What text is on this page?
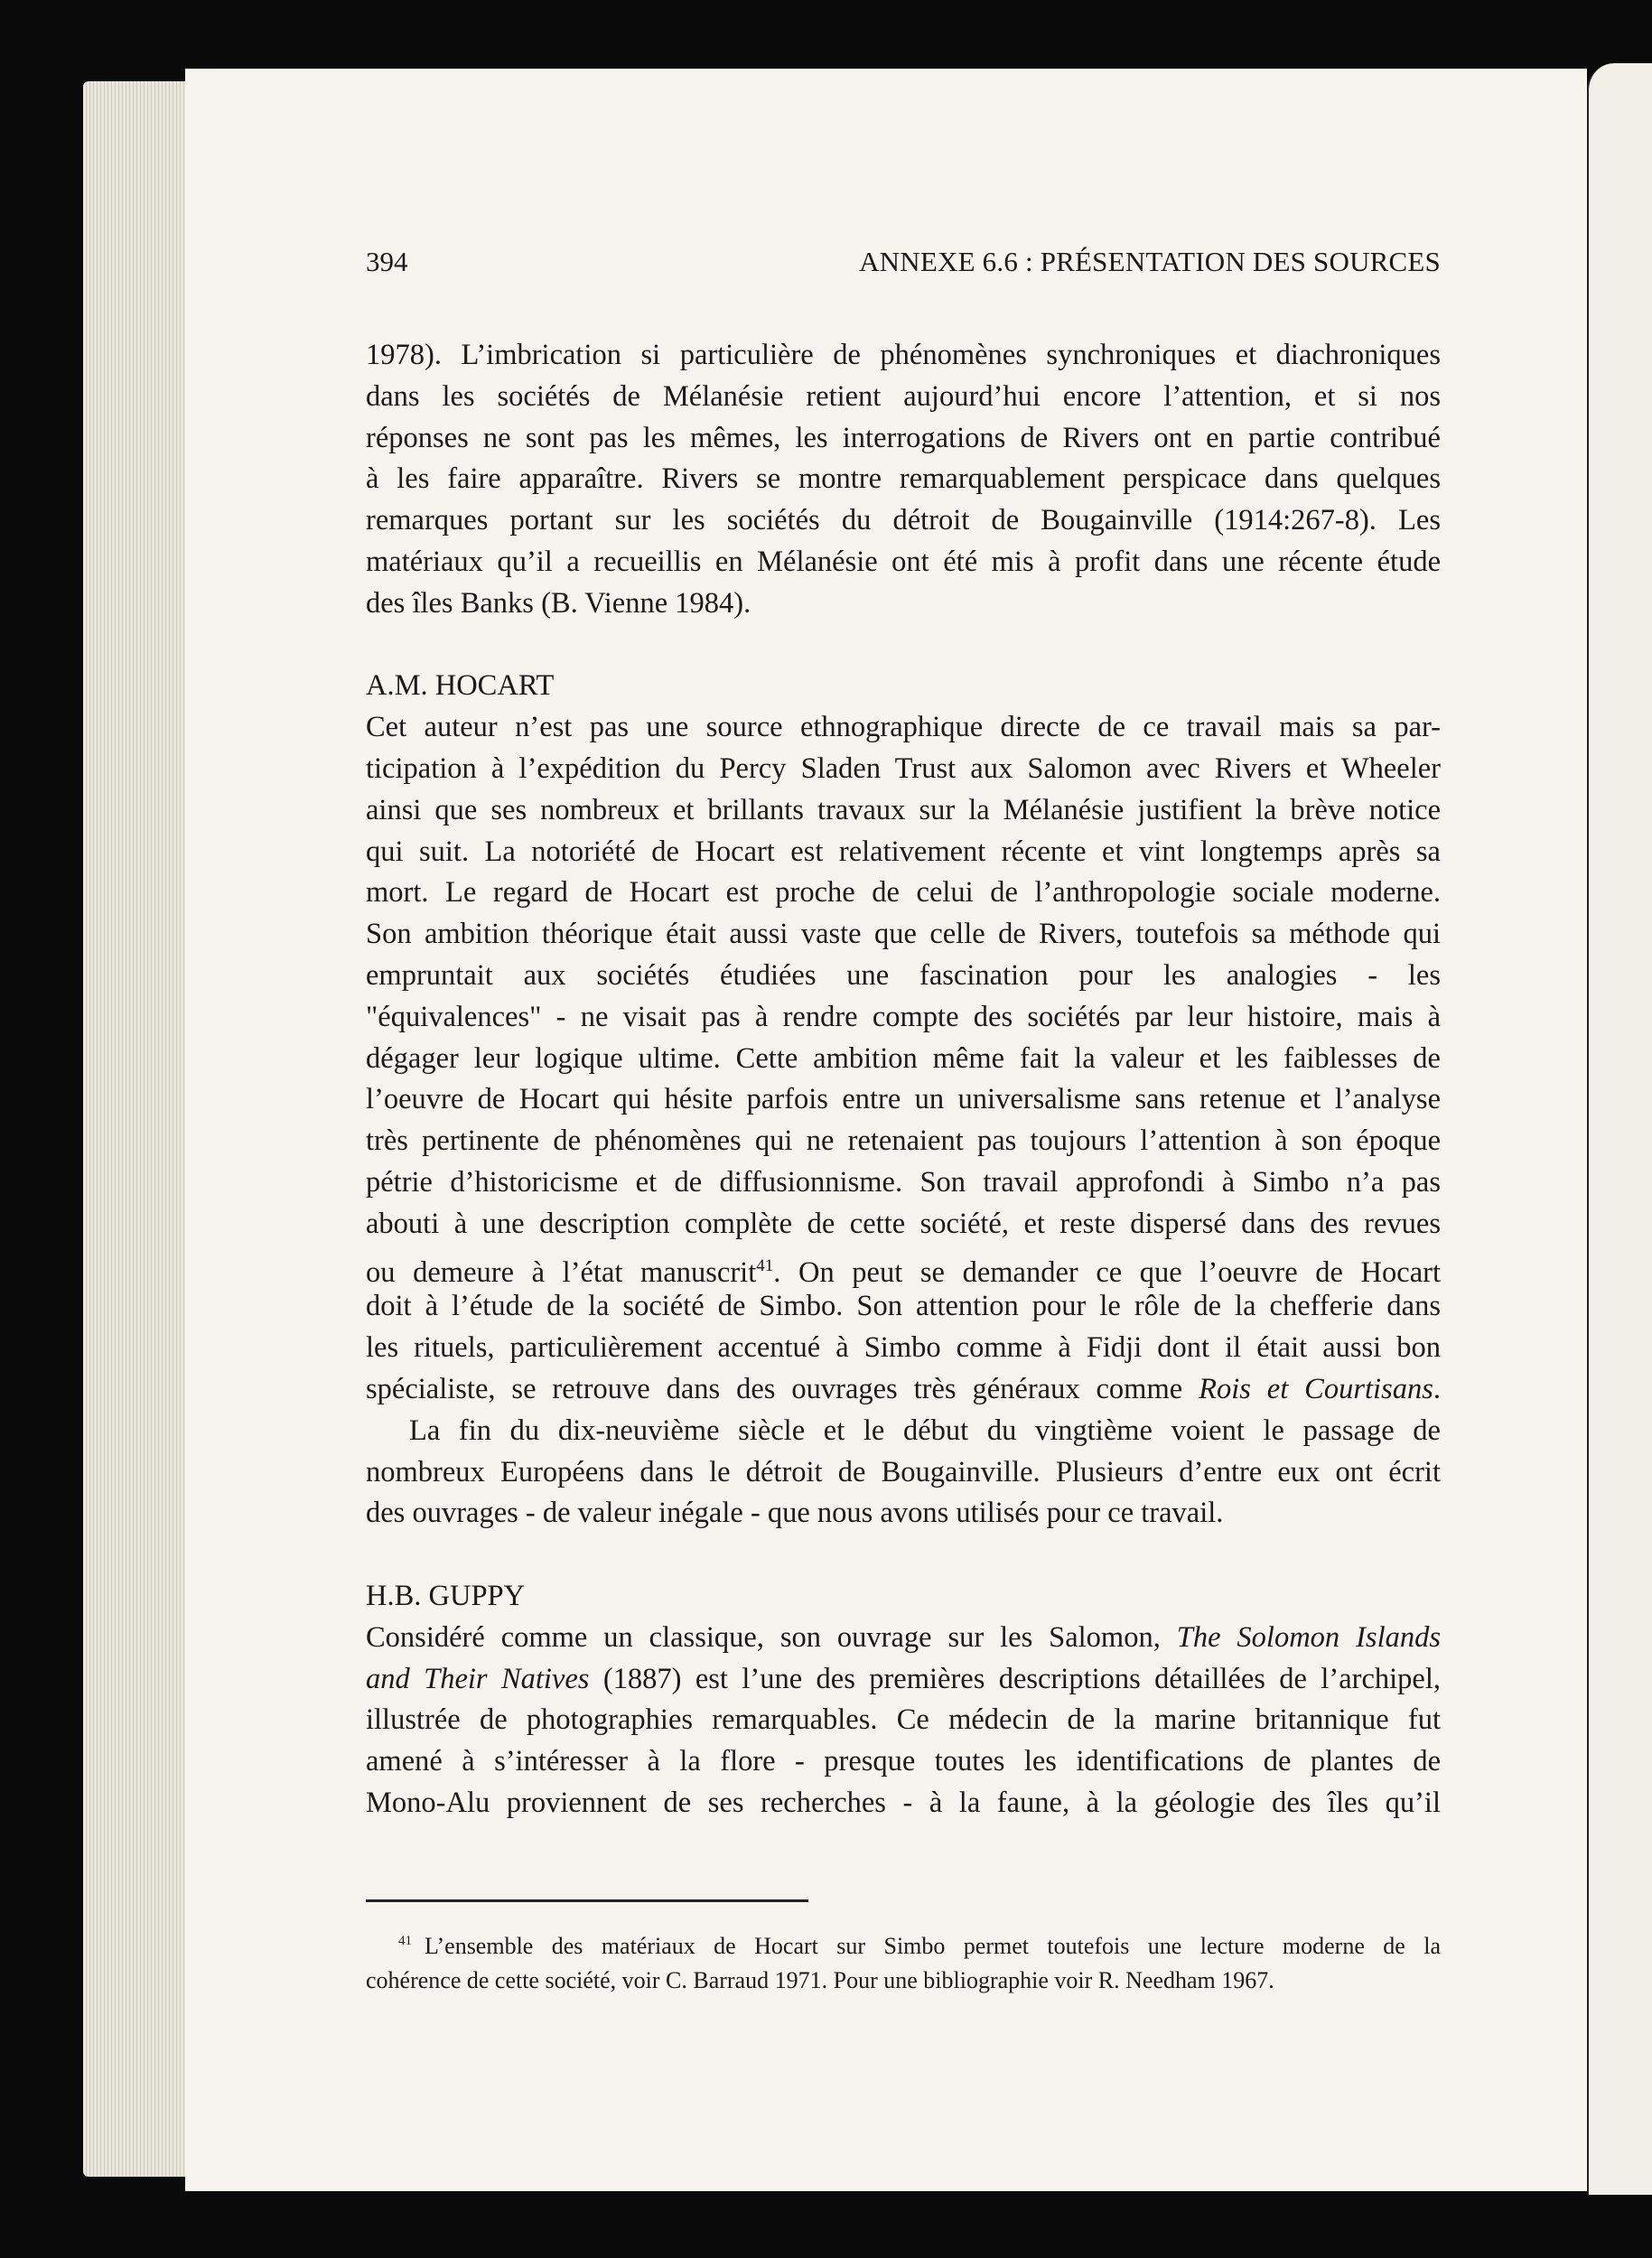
394	ANNEXE 6.6 : PRÉSENTATION DES SOURCES
1978). L’imbrication si particulière de phénomènes synchroniques et diachroniques
dans les sociétés de Mélanésie retient aujourd’hui encore l’attention, et si nos
réponses ne sont pas les mêmes, les interrogations de Rivers ont en partie contribué
à les faire apparaître. Rivers se montre remarquablement perspicace dans quelques
remarques portant sur les sociétés du détroit de Bougainville (1914:267-8). Les
matériaux qu’il a recueillis en Mélanésie ont été mis à profit dans une récente étude
des îles Banks (B. Vienne 1984).
A.M. HOCART
Cet auteur n’est pas une source ethnographique directe de ce travail mais sa par-
ticipation à l’expédition du Percy Sladen Trust aux Salomon avec Rivers et Wheeler
ainsi que ses nombreux et brillants travaux sur la Mélanésie justifient la brève notice
qui suit. La notoriété de Hocart est relativement récente et vint longtemps après sa
mort. Le regard de Hocart est proche de celui de l’anthropologie sociale moderne.
Son ambition théorique était aussi vaste que celle de Rivers, toutefois sa méthode qui
empruntait aux sociétés étudiées une fascination pour les analogies - les
"équivalences" - ne visait pas à rendre compte des sociétés par leur histoire, mais à
dégager leur logique ultime. Cette ambition même fait la valeur et les faiblesses de
l’oeuvre de Hocart qui hésite parfois entre un universalisme sans retenue et l’analyse
très pertinente de phénomènes qui ne retenaient pas toujours l’attention à son époque
pétrie d’historicisme et de diffusionnisme. Son travail approfondi à Simbo n’a pas
abouti à une description complète de cette société, et reste dispersé dans des revues
ou demeure à l’état manuscrit$^{41}$. On peut se demander ce que l’oeuvre de Hocart
doit à l’étude de la société de Simbo. Son attention pour le rôle de la chefferie dans
les rituels, particulièrement accentué à Simbo comme à Fidji dont il était aussi bon
spécialiste, se retrouve dans des ouvrages très généraux comme Rois et Courtisans.
La fin du dix-neuvième siècle et le début du vingtième voient le passage de
nombreux Européens dans le détroit de Bougainville. Plusieurs d’entre eux ont écrit
des ouvrages - de valeur inégale - que nous avons utilisés pour ce travail.
H.B. GUPPY
Considéré comme un classique, son ouvrage sur les Salomon, The Solomon Islands
and Their Natives (1887) est l’une des premières descriptions détaillées de l’archipel,
illustrée de photographies remarquables. Ce médecin de la marine britannique fut
amené à s’intéresser à la flore - presque toutes les identifications de plantes de
Mono-Alu proviennent de ses recherches - à la faune, à la géologie des îles qu’il
$^{41}$ L’ensemble des matériaux de Hocart sur Simbo permet toutefois une lecture moderne de la
cohérence de cette société, voir C. Barraud 1971. Pour une bibliographie voir R. Needham 1967.
